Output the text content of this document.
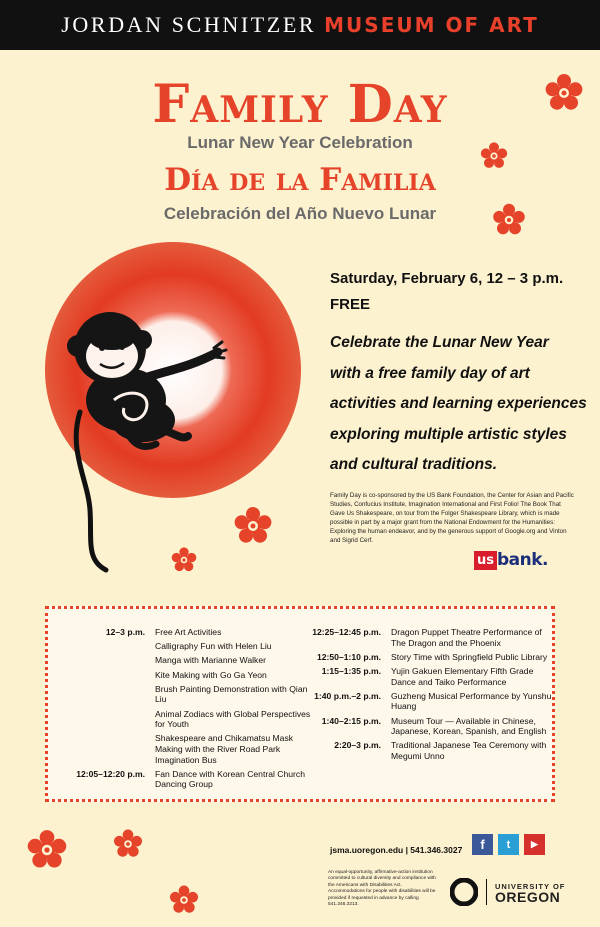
JORDAN SCHNITZER MUSEUM OF ART
Family Day
Lunar New Year Celebration
Día de la Familia
Celebración del Año Nuevo Lunar
Saturday, February 6, 12 – 3 p.m.
FREE
Celebrate the Lunar New Year
with a free family day of art
activities and learning experiences
exploring multiple artistic styles
and cultural traditions.
Family Day is co-sponsored by the US Bank Foundation, the Center for Asian and Pacific Studies, Confucius Institute, Imagination International and First Folio! The Book That Gave Us Shakespeare, on tour from the Folger Shakespeare Library, which is made possible in part by a major grant from the National Endowment for the Humanities: Exploring the human endeavor, and by the generous support of Google.org and Vinton and Sigrid Cerf.
us bank.
12–3 p.m.	Free Art Activities
Calligraphy Fun with Helen Liu
Manga with Marianne Walker
Kite Making with Go Ga Yeon
Brush Painting Demonstration with Qian Liu
Animal Zodiacs with Global Perspectives for Youth
Shakespeare and Chikamatsu Mask Making with the River Road Park Imagination Bus
12:05–12:20 p.m.	Fan Dance with Korean Central Church Dancing Group
12:25–12:45 p.m.	Dragon Puppet Theatre Performance of The Dragon and the Phoenix
12:50–1:10 p.m.	Story Time with Springfield Public Library
1:15–1:35 p.m.	Yujin Gakuen Elementary Fifth Grade Dance and Taiko Performance
1:40 p.m.–2 p.m.	Guzheng Musical Performance by Yunshu Huang
1:40–2:15 p.m.	Museum Tour — Available in Chinese, Japanese, Korean, Spanish, and English
2:20–3 p.m.	Traditional Japanese Tea Ceremony with Megumi Unno
jsma.uoregon.edu | 541.346.3027	f	t	▶
An equal-opportunity, affirmative-action institution committed to cultural diversity and compliance with the Americans with Disabilities Act. Accommodations for people with disabilities will be provided if requested in advance by calling 541.346.3213.
UNIVERSITY OF
OREGON
